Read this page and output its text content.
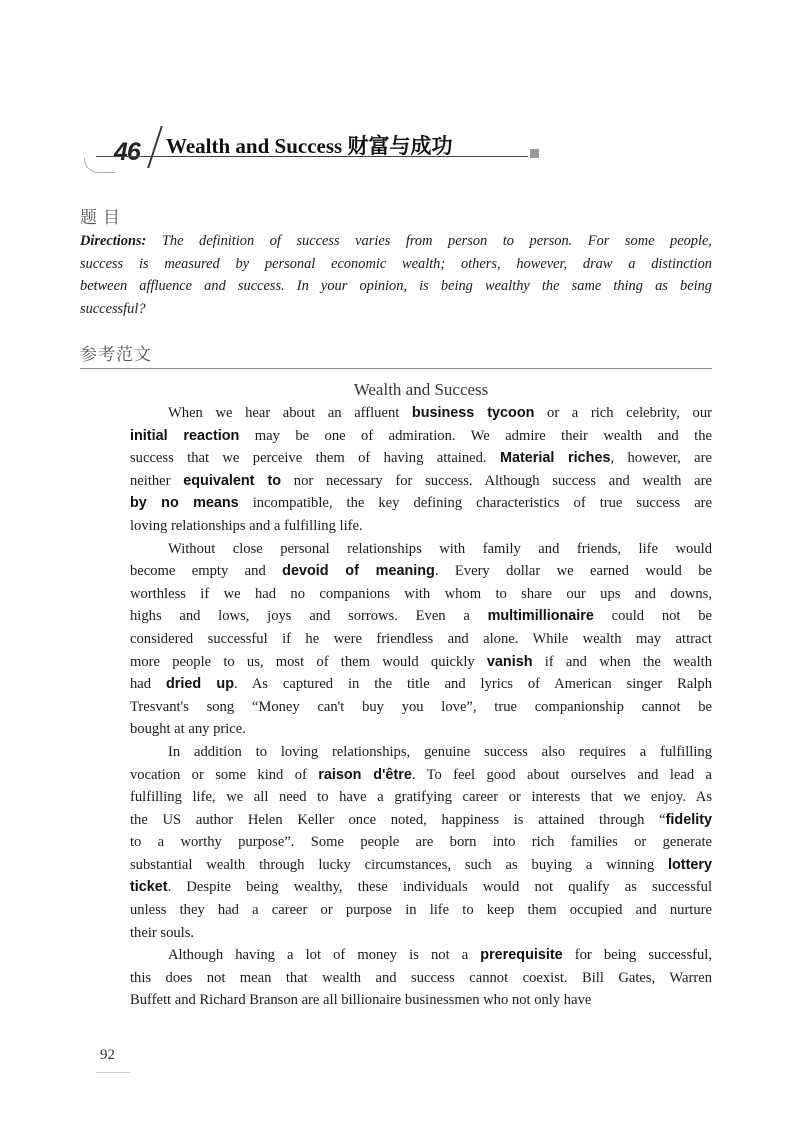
46 Wealth and Success 财富与成功
题目
Directions: The definition of success varies from person to person. For some people,
success is measured by personal economic wealth; others, however, draw a distinction
between affluence and success. In your opinion, is being wealthy the same thing as being
successful?
参考范文
Wealth and Success
When we hear about an affluent business tycoon or a rich celebrity, our
initial reaction may be one of admiration. We admire their wealth and the
success that we perceive them of having attained. Material riches, however, are
neither equivalent to nor necessary for success. Although success and wealth are
by no means incompatible, the key defining characteristics of true success are
loving relationships and a fulfilling life.
Without close personal relationships with family and friends, life would
become empty and devoid of meaning. Every dollar we earned would be
worthless if we had no companions with whom to share our ups and downs,
highs and lows, joys and sorrows. Even a multimillionaire could not be
considered successful if he were friendless and alone. While wealth may attract
more people to us, most of them would quickly vanish if and when the wealth
had dried up. As captured in the title and lyrics of American singer Ralph
Tresvant's song “Money can't buy you love”, true companionship cannot be
bought at any price.
In addition to loving relationships, genuine success also requires a fulfilling
vocation or some kind of raison d'être. To feel good about ourselves and lead a
fulfilling life, we all need to have a gratifying career or interests that we enjoy. As
the US author Helen Keller once noted, happiness is attained through “fidelity
to a worthy purpose”. Some people are born into rich families or generate
substantial wealth through lucky circumstances, such as buying a winning lottery
ticket. Despite being wealthy, these individuals would not qualify as successful
unless they had a career or purpose in life to keep them occupied and nurture
their souls.
Although having a lot of money is not a prerequisite for being successful,
this does not mean that wealth and success cannot coexist. Bill Gates, Warren
Buffett and Richard Branson are all billionaire businessmen who not only have
92
